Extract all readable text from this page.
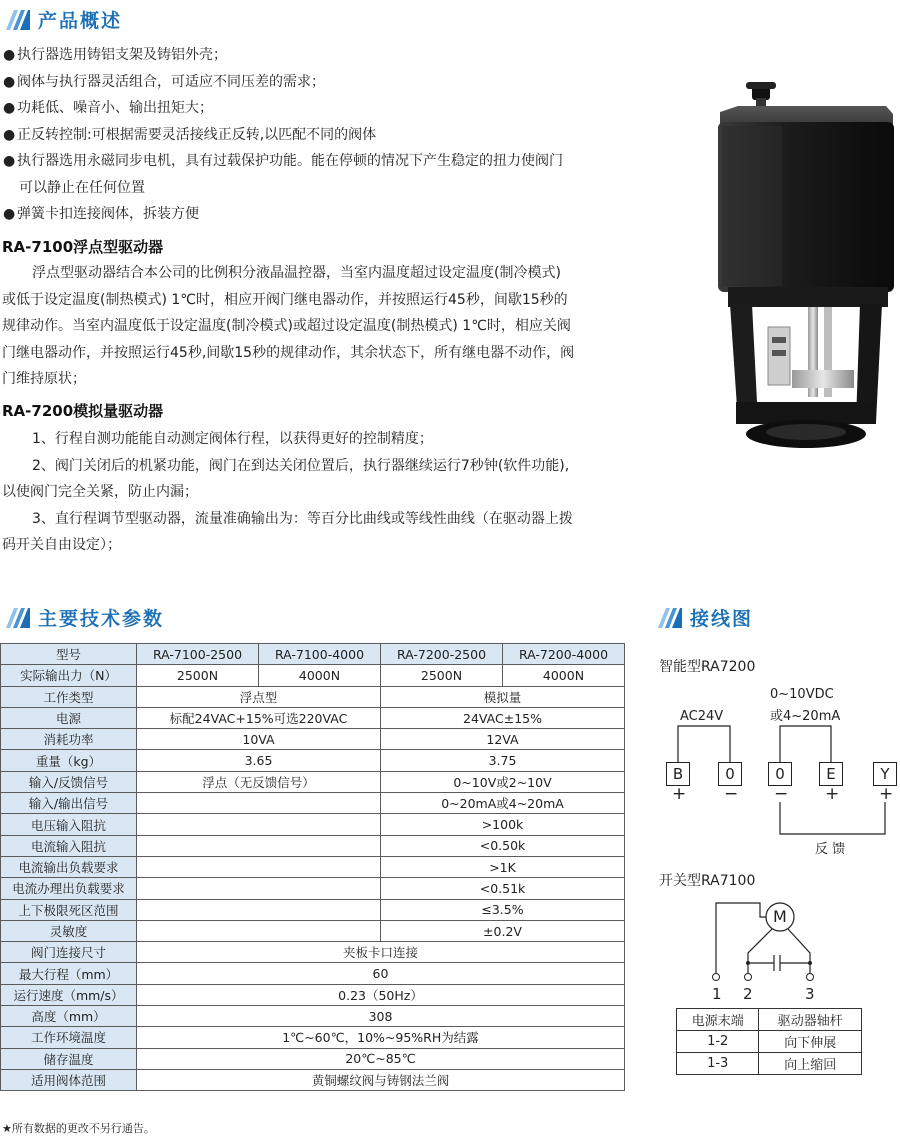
产品概述
● 执行器选用铸铝支架及铸铝外壳；
● 阀体与执行器灵活组合，可适应不同压差的需求；
● 功耗低、噪音小、输出扭矩大；
● 正反转控制:可根据需要灵活接线正反转,以匹配不同的阀体
● 执行器选用永磁同步电机，具有过载保护功能。能在停顿的情况下产生稳定的扭力使阀门
可以静止在任何位置
● 弹簧卡扣连接阀体，拆装方便
RA-7100浮点型驱动器
浮点型驱动器结合本公司的比例积分液晶温控器，当室内温度超过设定温度(制冷模式)
或低于设定温度(制热模式) 1℃时，相应开阀门继电器动作，并按照运行45秒，间歇15秒的
规律动作。当室内温度低于设定温度(制冷模式)或超过设定温度(制热模式) 1℃时，相应关阀
门继电器动作，并按照运行45秒,间歇15秒的规律动作，其余状态下，所有继电器不动作，阀
门维持原状；
RA-7200模拟量驱动器
1、行程自测功能能自动测定阀体行程，以获得更好的控制精度；
2、阀门关闭后的机紧功能，阀门在到达关闭位置后，执行器继续运行7秒钟(软件功能),
以使阀门完全关紧，防止内漏；
3、直行程调节型驱动器，流量准确输出为：等百分比曲线或等线性曲线（在驱动器上拨
码开关自由设定）；
主要技术参数
型号	RA-7100-2500	RA-7100-4000	RA-7200-2500	RA-7200-4000
实际输出力（N）	2500N	4000N	2500N	4000N
工作类型	浮点型		模拟量	
电源	标配24VAC+15%可选220VAC		24VAC±15%	
消耗功率	10VA		12VA	
重量（kg）	3.65		3.75	
输入/反馈信号	浮点（无反馈信号）		0~10V或2~10V	
输入/输出信号			0~20mA或4~20mA	
电压输入阻抗			>100k	
电流输入阻抗			<0.50k	
电流输出负载要求			>1K	
电流办理出负载要求			<0.51k	
上下极限死区范围			≤3.5%	
灵敏度			±0.2V	
阀门连接尺寸	夹板卡口连接			
最大行程（mm）	60			
运行速度（mm/s）	0.23（50Hz）			
高度（mm）	308			
工作环境温度	1℃~60℃，10%~95%RH为结露			
储存温度	20℃~85℃			
适用阀体范围	黄铜螺纹阀与铸钢法兰阀			
★所有数据的更改不另行通告。
接线图
智能型RA7200
AC24V
0~10VDC
或4~20mA
B	0	0	E	Y
+ − − + +
反 馈
开关型RA7100
M
1 2	3
电源末端	驱动器轴杆
1-2	向下伸展
1-3	向上缩回
